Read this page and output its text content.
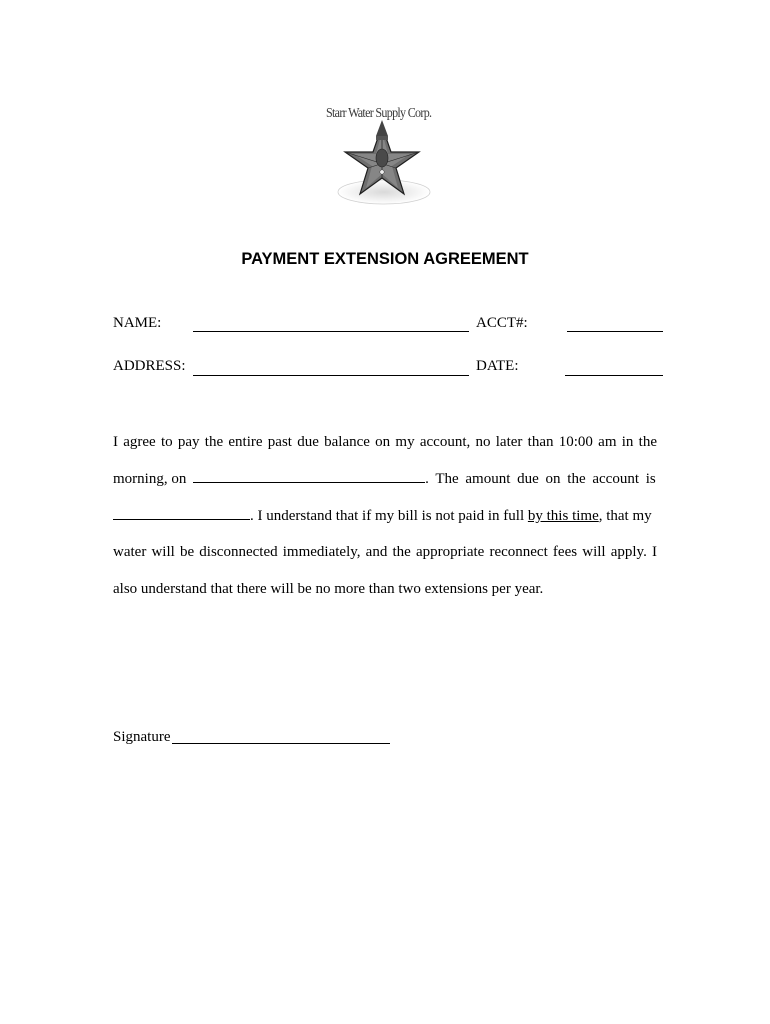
Starr Water Supply Corp.
PAYMENT EXTENSION AGREEMENT
NAME:	ACCT#:
ADDRESS:	DATE:
I agree to pay the entire past due balance on my account, no later than 10:00 am in the
morning, on	. The amount due on the account is
. I understand that if my bill is not paid in full by this time, that my
water will be disconnected immediately, and the appropriate reconnect fees will apply. I
also understand that there will be no more than two extensions per year.
Signature
